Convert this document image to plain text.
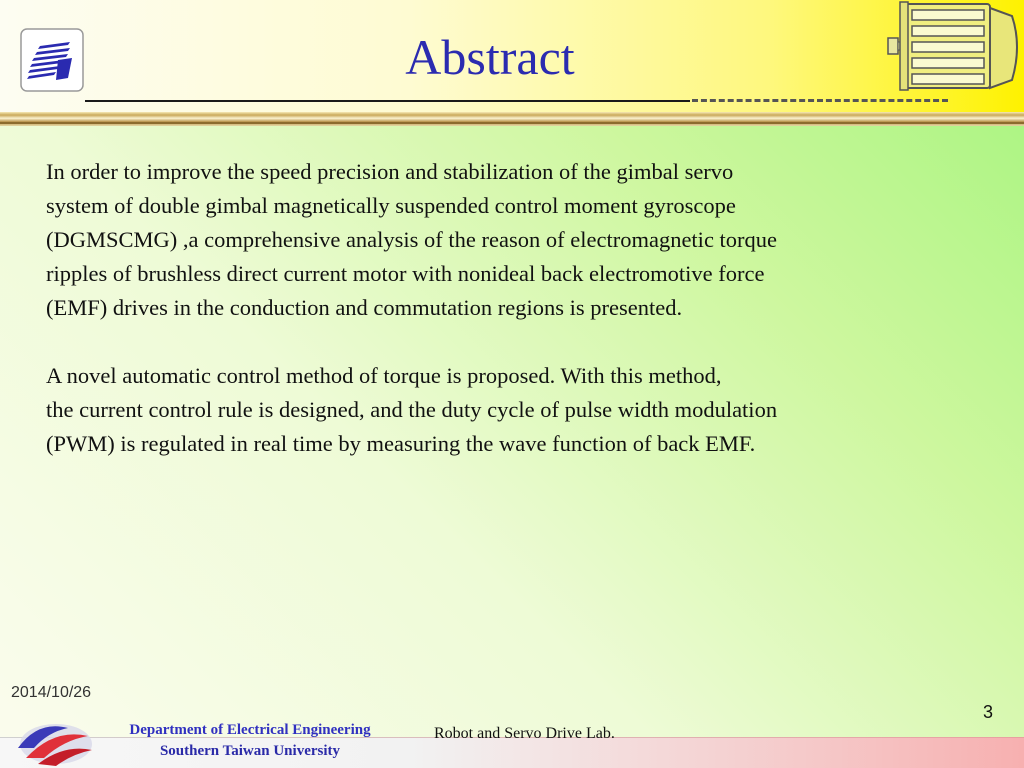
Abstract

In order to improve the speed precision and stabilization of the gimbal servo
system of double gimbal magnetically suspended control moment gyroscope
(DGMSCMG) ,a comprehensive analysis of the reason of electromagnetic torque
ripples of brushless direct current motor with nonideal back electromotive force
(EMF) drives in the conduction and commutation regions is presented.

A novel automatic control method of torque is proposed. With this method,
the current control rule is designed, and the duty cycle of pulse width modulation
(PWM) is regulated in real time by measuring the wave function of back EMF.

2014/10/26
3
Department of Electrical Engineering
Southern Taiwan University
Robot and Servo Drive Lab.
